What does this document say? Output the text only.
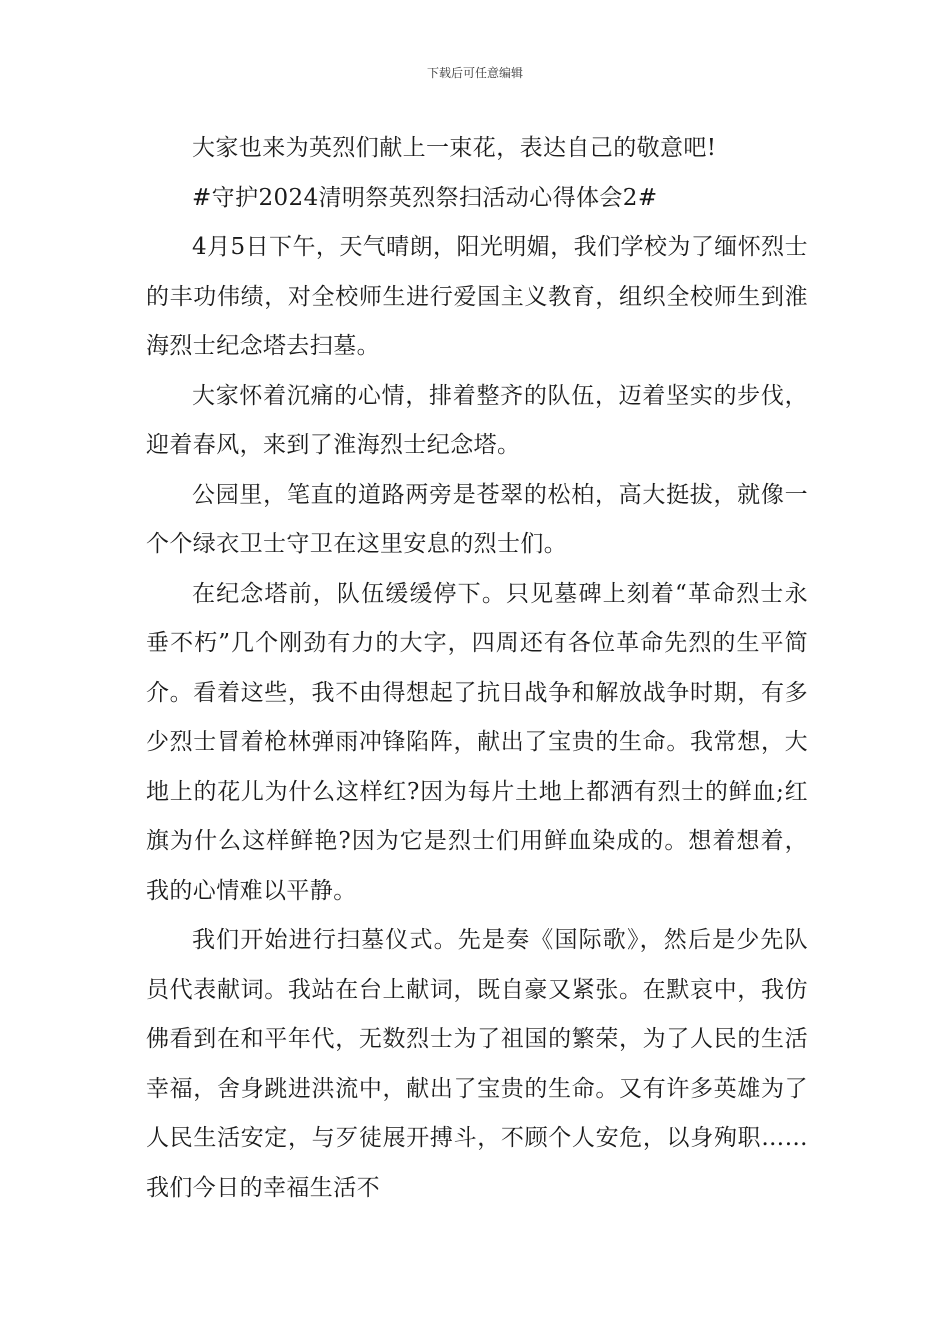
下载后可任意编辑

大家也来为英烈们献上一束花，表达自己的敬意吧!

#守护2024清明祭英烈祭扫活动心得体会2#

4月5日下午，天气晴朗，阳光明媚，我们学校为了缅怀烈士的丰功伟绩，对全校师生进行爱国主义教育，组织全校师生到淮海烈士纪念塔去扫墓。

大家怀着沉痛的心情，排着整齐的队伍，迈着坚实的步伐，迎着春风，来到了淮海烈士纪念塔。

公园里，笔直的道路两旁是苍翠的松柏，高大挺拔，就像一个个绿衣卫士守卫在这里安息的烈士们。

在纪念塔前，队伍缓缓停下。只见墓碑上刻着“革命烈士永垂不朽”几个刚劲有力的大字，四周还有各位革命先烈的生平简介。看着这些，我不由得想起了抗日战争和解放战争时期，有多少烈士冒着枪林弹雨冲锋陷阵，献出了宝贵的生命。我常想，大地上的花儿为什么这样红?因为每片土地上都洒有烈士的鲜血;红旗为什么这样鲜艳?因为它是烈士们用鲜血染成的。想着想着，我的心情难以平静。

我们开始进行扫墓仪式。先是奏《国际歌》，然后是少先队员代表献词。我站在台上献词，既自豪又紧张。在默哀中，我仿佛看到在和平年代，无数烈士为了祖国的繁荣，为了人民的生活幸福，舍身跳进洪流中，献出了宝贵的生命。又有许多英雄为了人民生活安定，与歹徒展开搏斗，不顾个人安危，以身殉职……我们今日的幸福生活不
